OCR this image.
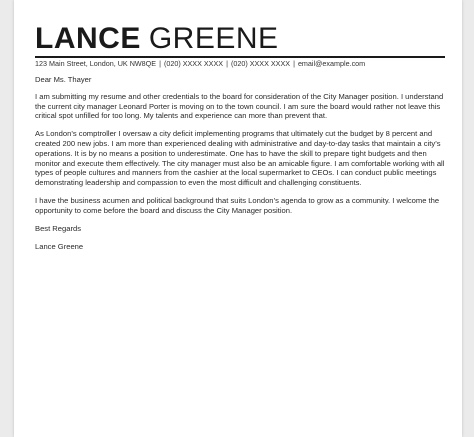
LANCE GREENE
123 Main Street, London, UK NW8QE | (020) XXXX XXXX | (020) XXXX XXXX | email@example.com

Dear Ms. Thayer

I am submitting my resume and other credentials to the board for consideration of the City Manager position. I understand the current city manager Leonard Porter is moving on to the town council. I am sure the board would rather not leave this critical spot unfilled for too long. My talents and experience can more than prevent that.

As London’s comptroller I oversaw a city deficit implementing programs that ultimately cut the budget by 8 percent and created 200 new jobs. I am more than experienced dealing with administrative and day-to-day tasks that maintain a city’s operations. It is by no means a position to underestimate. One has to have the skill to prepare tight budgets and then monitor and execute them effectively. The city manager must also be an amicable figure. I am comfortable working with all types of people cultures and manners from the cashier at the local supermarket to CEOs. I can conduct public meetings demonstrating leadership and compassion to even the most difficult and challenging constituents.

I have the business acumen and political background that suits London’s agenda to grow as a community. I welcome the opportunity to come before the board and discuss the City Manager position.

Best Regards

Lance Greene
